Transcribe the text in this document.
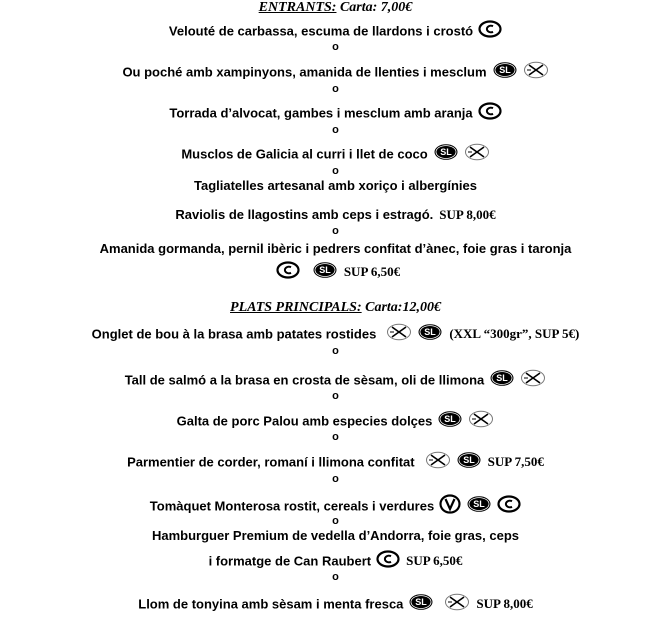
ENTRANTS: Carta: 7,00€
Velouté de carbassa, escuma de llardons i crostó
o
Ou poché amb xampinyons, amanida de llenties i mesclum
o
Torrada d’alvocat, gambes i mesclum amb aranja
o
Musclos de Galicia al curri i llet de coco
o
Tagliatelles artesanal amb xoriço i albergínies
Raviolis de llagostins amb ceps i estragó. SUP 8,00€
o
Amanida gormanda, pernil ibèric i pedrers confitat d’ànec, foie gras i taronja
SUP 6,50€
PLATS PRINCIPALS: Carta:12,00€
Onglet de bou à la brasa amb patates rostides	(XXL “300gr”, SUP 5€)
o
Tall de salmó a la brasa en crosta de sèsam, oli de llimona
o
Galta de porc Palou amb especies dolçes
o
Parmentier de corder, romaní i llimona confitat	SUP 7,50€
o
Tomàquet Monterosa rostit, cereals i verdures
o
Hamburguer Premium de vedella d’Andorra, foie gras, ceps
i formatge de Can Raubert	SUP 6,50€
o
Llom de tonyina amb sèsam i menta fresca	SUP 8,00€
